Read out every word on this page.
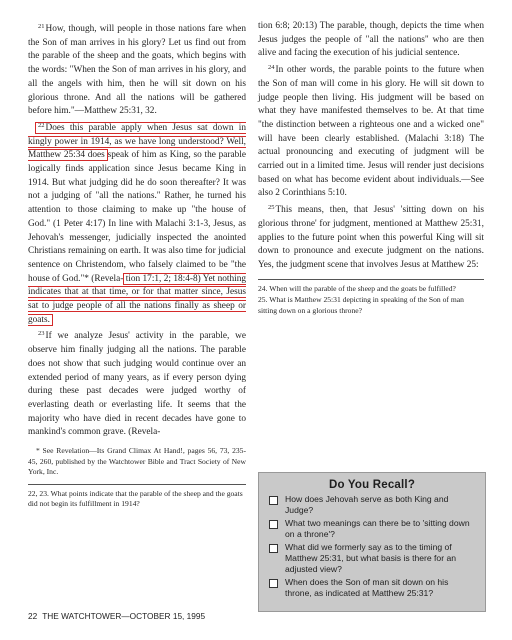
$^{21}$How, though, will people in those nations fare when the Son of man arrives in his glory? Let us find out from the parable of the sheep and the goats, which begins with the words: "When the Son of man arrives in his glory, and all the angels with him, then he will sit down on his glorious throne. And all the nations will be gathered before him."—Matthew 25:31, 32.

$^{22}$Does this parable apply when Jesus sat down in kingly power in 1914, as we have long understood? Well, Matthew 25:34 does speak of him as King, so the parable logically finds application since Jesus became King in 1914. But what judging did he do soon thereafter? It was not a judging of "all the nations." Rather, he turned his attention to those claiming to make up "the house of God." (1 Peter 4:17) In line with Malachi 3:1-3, Jesus, as Jehovah's messenger, judicially inspected the anointed Christians remaining on earth. It was also time for judicial sentence on Christendom, who falsely claimed to be "the house of God."* (Revela- tion 17:1, 2; 18:4-8) Yet nothing indicates that at that time, or for that matter since, Jesus sat to judge people of all the nations finally as sheep or goats.

$^{23}$If we analyze Jesus' activity in the parable, we observe him finally judging all the nations. The parable does not show that such judging would continue over an extended period of many years, as if every person dying during these past decades were judged worthy of everlasting death or everlasting life. It seems that the majority who have died in recent decades have gone to mankind's common grave. (Revela-

* See Revelation—Its Grand Climax At Hand!, pages 56, 73, 235-45, 260, published by the Watchtower Bible and Tract Society of New York, Inc.

22, 23. What points indicate that the parable of the sheep and the goats did not begin its fulfillment in 1914?

tion 6:8; 20:13) The parable, though, depicts the time when Jesus judges the people of "all the nations" who are then alive and facing the execution of his judicial sentence.

$^{24}$In other words, the parable points to the future when the Son of man will come in his glory. He will sit down to judge people then living. His judgment will be based on what they have manifested themselves to be. At that time "the distinction between a righteous one and a wicked one" will have been clearly established. (Malachi 3:18) The actual pronouncing and executing of judgment will be carried out in a limited time. Jesus will render just decisions based on what has become evident about individuals.—See also 2 Corinthians 5:10.

$^{25}$This means, then, that Jesus' 'sitting down on his glorious throne' for judgment, mentioned at Matthew 25:31, applies to the future point when this powerful King will sit down to pronounce and execute judgment on the nations. Yes, the judgment scene that involves Jesus at Matthew 25:

24. When will the parable of the sheep and the goats be fulfilled?

25. What is Matthew 25:31 depicting in speaking of the Son of man sitting down on a glorious throne?

Do You Recall?
How does Jehovah serve as both King and Judge?
What two meanings can there be to 'sitting down on a throne'?
What did we formerly say as to the timing of Matthew 25:31, but what basis is there for an adjusted view?
When does the Son of man sit down on his throne, as indicated at Matthew 25:31?
22 THE WATCHTOWER—OCTOBER 15, 1995
